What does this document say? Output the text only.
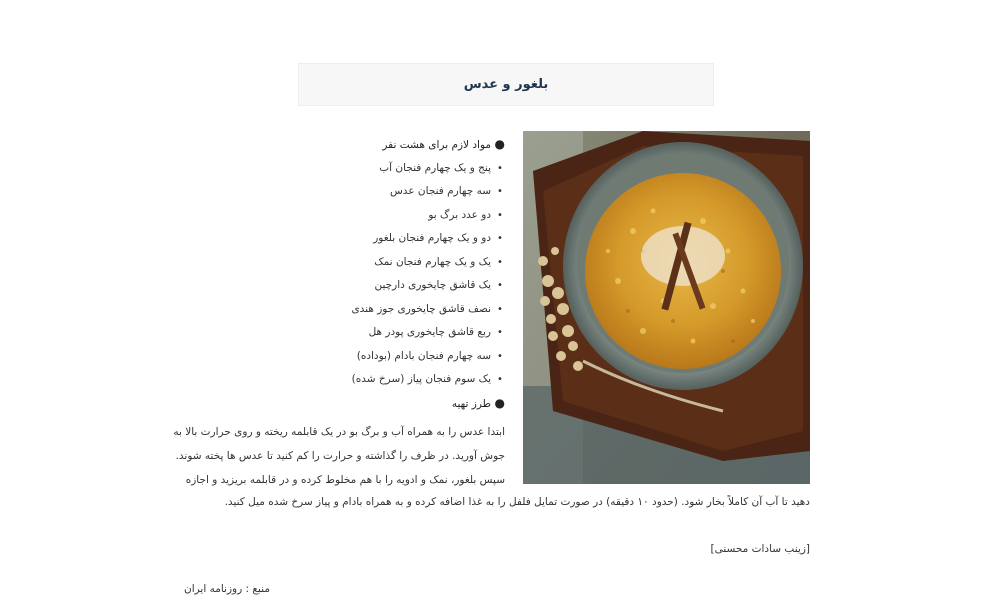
بلغور و عدس
●مواد لازم برای هشت نفر
•پنج و یک چهارم فنجان آب
•سه چهارم فنجان عدس
•دو عدد برگ بو
•دو و یک چهارم فنجان بلغور
•یک و یک چهارم فنجان نمک
•یک قاشق چایخوری دارچین
•نصف قاشق چایخوری جوز هندی
•ربع قاشق چایخوری پودر هل
•سه چهارم فنجان بادام (بوداده)
•یک سوم فنجان پیاز (سرخ شده)
●طرز تهیه

ابتدا عدس را به همراه آب و برگ بو در یک قابلمه ریخته و روی حرارت بالا به

جوش آورید. در ظرف را گذاشته و حرارت را کم کنید تا عدس ها پخته شوند.

سپس بلغور، نمک و ادویه را با هم مخلوط کرده و در قابلمه بریزید و اجازه

دهید تا آب آن کاملاً بخار شود. (حدود ۱۰ دقیقه) در صورت تمایل فلفل را به غذا اضافه کرده و به همراه بادام و پیاز سرخ شده میل کنید.

[زینب سادات محسنی]

منبع : روزنامه ایران
